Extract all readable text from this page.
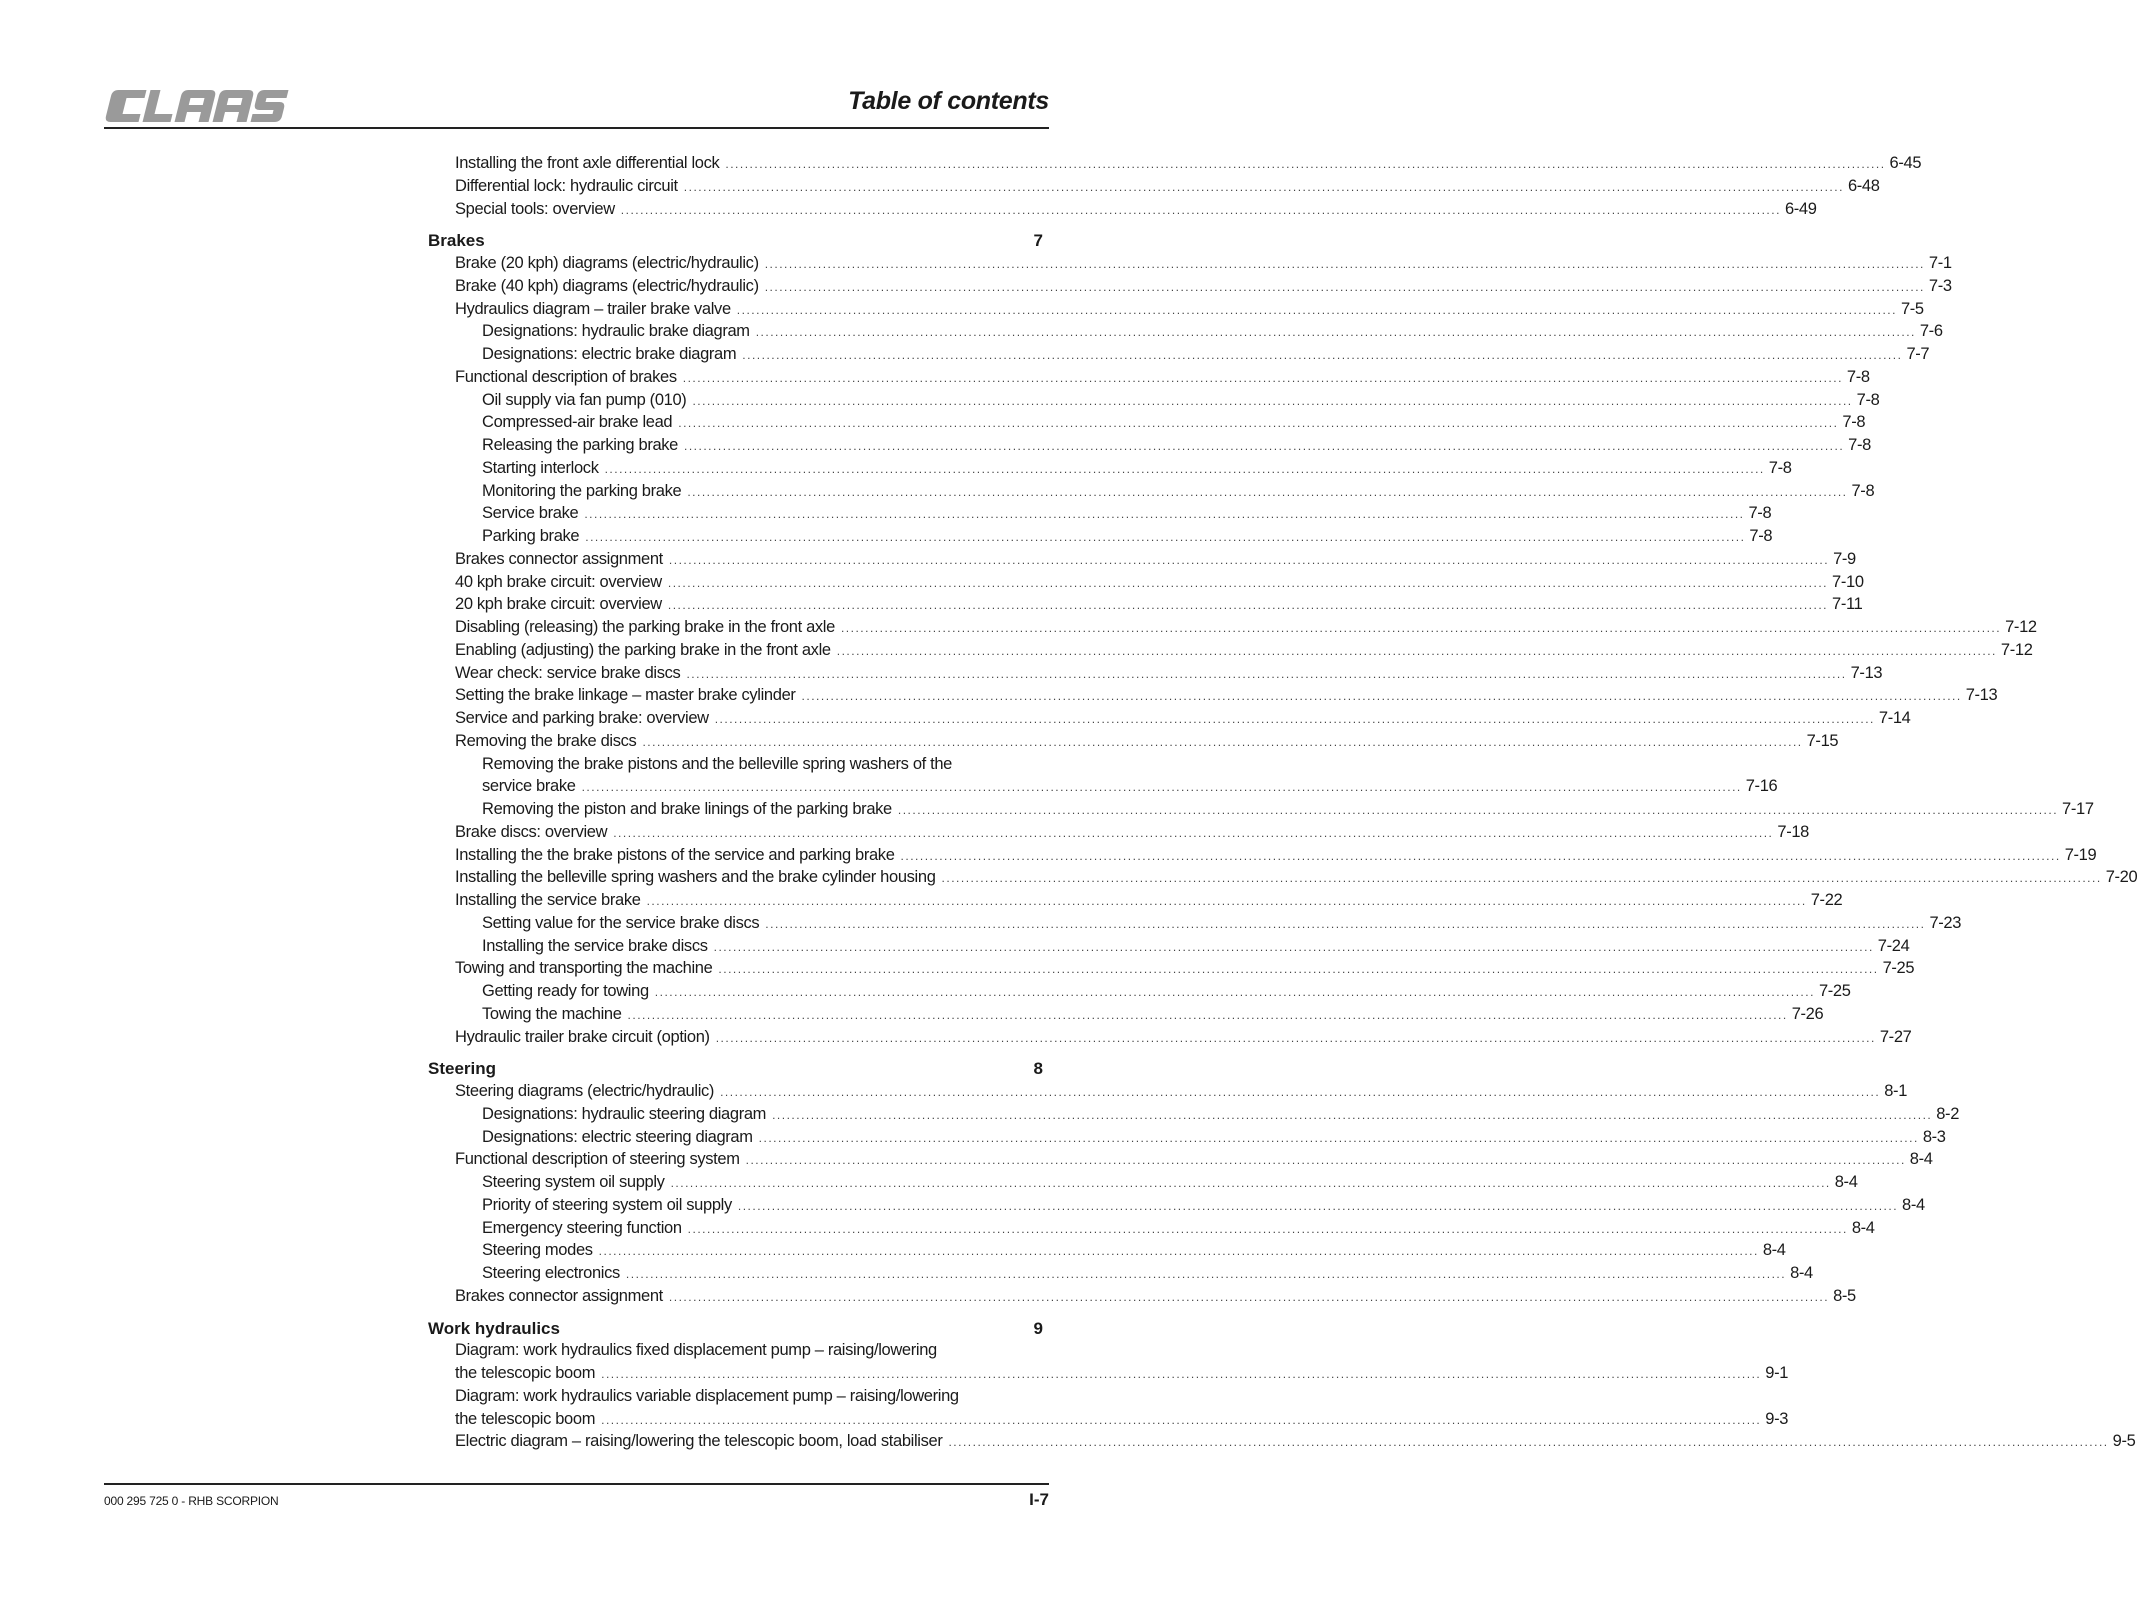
Table of contents
Installing the front axle differential lock .....	6-45
Differential lock: hydraulic circuit .....	6-48
Special tools: overview .....	6-49
Brakes	7
Brake (20 kph) diagrams (electric/hydraulic) .....	7-1
Brake (40 kph) diagrams (electric/hydraulic) .....	7-3
Hydraulics diagram – trailer brake valve .....	7-5
Designations: hydraulic brake diagram .....	7-6
Designations: electric brake diagram .....	7-7
Functional description of brakes .....	7-8
Oil supply via fan pump (010) .....	7-8
Compressed-air brake lead .....	7-8
Releasing the parking brake .....	7-8
Starting interlock .....	7-8
Monitoring the parking brake .....	7-8
Service brake .....	7-8
Parking brake .....	7-8
Brakes connector assignment .....	7-9
40 kph brake circuit: overview .....	7-10
20 kph brake circuit: overview .....	7-11
Disabling (releasing) the parking brake in the front axle .....	7-12
Enabling (adjusting) the parking brake in the front axle .....	7-12
Wear check: service brake discs .....	7-13
Setting the brake linkage – master brake cylinder .....	7-13
Service and parking brake: overview .....	7-14
Removing the brake discs .....	7-15
Removing the brake pistons and the belleville spring washers of the
service brake .....	7-16
Removing the piston and brake linings of the parking brake .....	7-17
Brake discs: overview .....	7-18
Installing the the brake pistons of the service and parking brake .....	7-19
Installing the belleville spring washers and the brake cylinder housing .....	7-20
Installing the service brake .....	7-22
Setting value for the service brake discs .....	7-23
Installing the service brake discs .....	7-24
Towing and transporting the machine .....	7-25
Getting ready for towing .....	7-25
Towing the machine .....	7-26
Hydraulic trailer brake circuit (option) .....	7-27
Steering	8
Steering diagrams (electric/hydraulic) .....	8-1
Designations: hydraulic steering diagram .....	8-2
Designations: electric steering diagram .....	8-3
Functional description of steering system .....	8-4
Steering system oil supply .....	8-4
Priority of steering system oil supply .....	8-4
Emergency steering function .....	8-4
Steering modes .....	8-4
Steering electronics .....	8-4
Brakes connector assignment .....	8-5
Work hydraulics	9
Diagram: work hydraulics fixed displacement pump – raising/lowering
the telescopic boom .....	9-1
Diagram: work hydraulics variable displacement pump – raising/lowering
the telescopic boom .....	9-3
Electric diagram – raising/lowering the telescopic boom, load stabiliser .....	9-5
000 295 725 0 - RHB SCORPION	I-7
